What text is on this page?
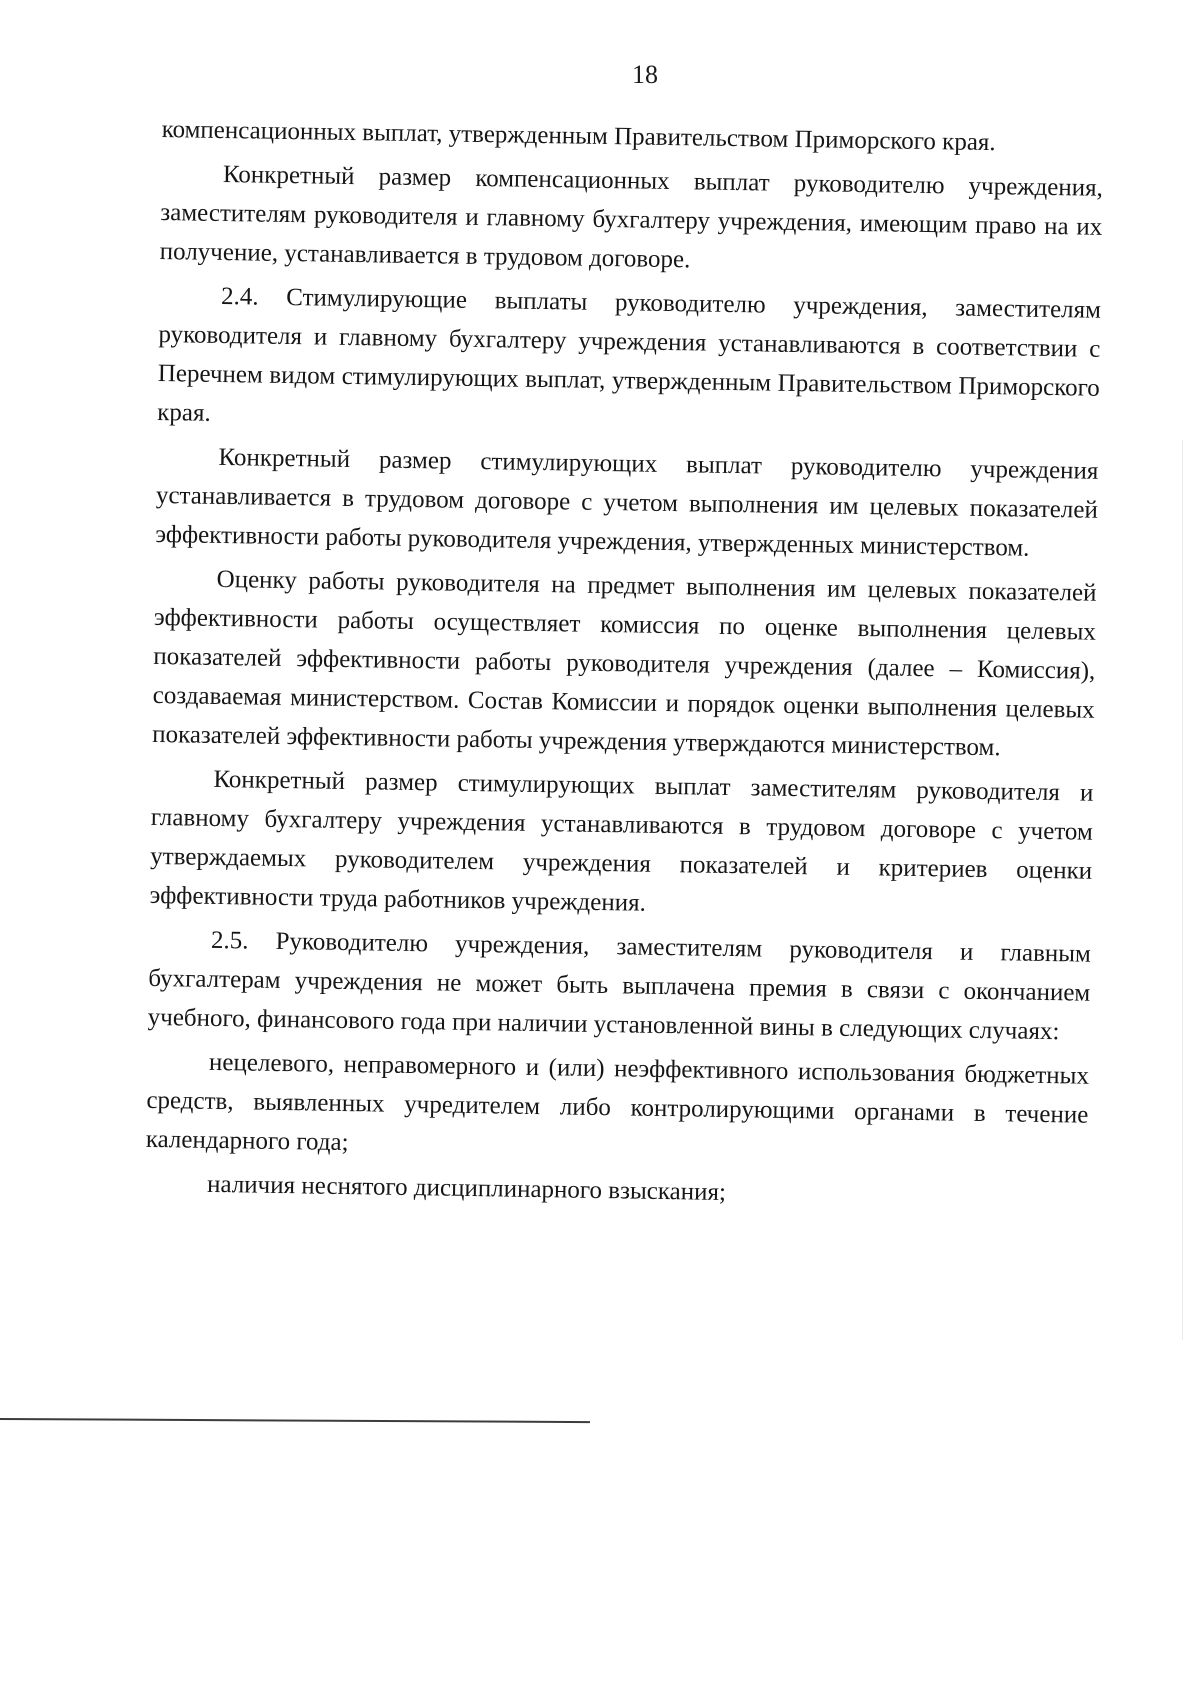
18

компенсационных выплат, утвержденным Правительством Приморского края.

Конкретный размер компенсационных выплат руководителю учреждения, заместителям руководителя и главному бухгалтеру учреждения, имеющим право на их получение, устанавливается в трудовом договоре.

2.4. Стимулирующие выплаты руководителю учреждения, заместителям руководителя и главному бухгалтеру учреждения устанавливаются в соответствии с Перечнем видом стимулирующих выплат, утвержденным Правительством Приморского края.

Конкретный размер стимулирующих выплат руководителю учреждения устанавливается в трудовом договоре с учетом выполнения им целевых показателей эффективности работы руководителя учреждения, утвержденных министерством.

Оценку работы руководителя на предмет выполнения им целевых показателей эффективности работы осуществляет комиссия по оценке выполнения целевых показателей эффективности работы руководителя учреждения (далее – Комиссия), создаваемая министерством. Состав Комиссии и порядок оценки выполнения целевых показателей эффективности работы учреждения утверждаются министерством.

Конкретный размер стимулирующих выплат заместителям руководителя и главному бухгалтеру учреждения устанавливаются в трудовом договоре с учетом утверждаемых руководителем учреждения показателей и критериев оценки эффективности труда работников учреждения.

2.5. Руководителю учреждения, заместителям руководителя и главным бухгалтерам учреждения не может быть выплачена премия в связи с окончанием учебного, финансового года при наличии установленной вины в следующих случаях:

нецелевого, неправомерного и (или) неэффективного использования бюджетных средств, выявленных учредителем либо контролирующими органами в течение календарного года;

наличия неснятого дисциплинарного взыскания;
